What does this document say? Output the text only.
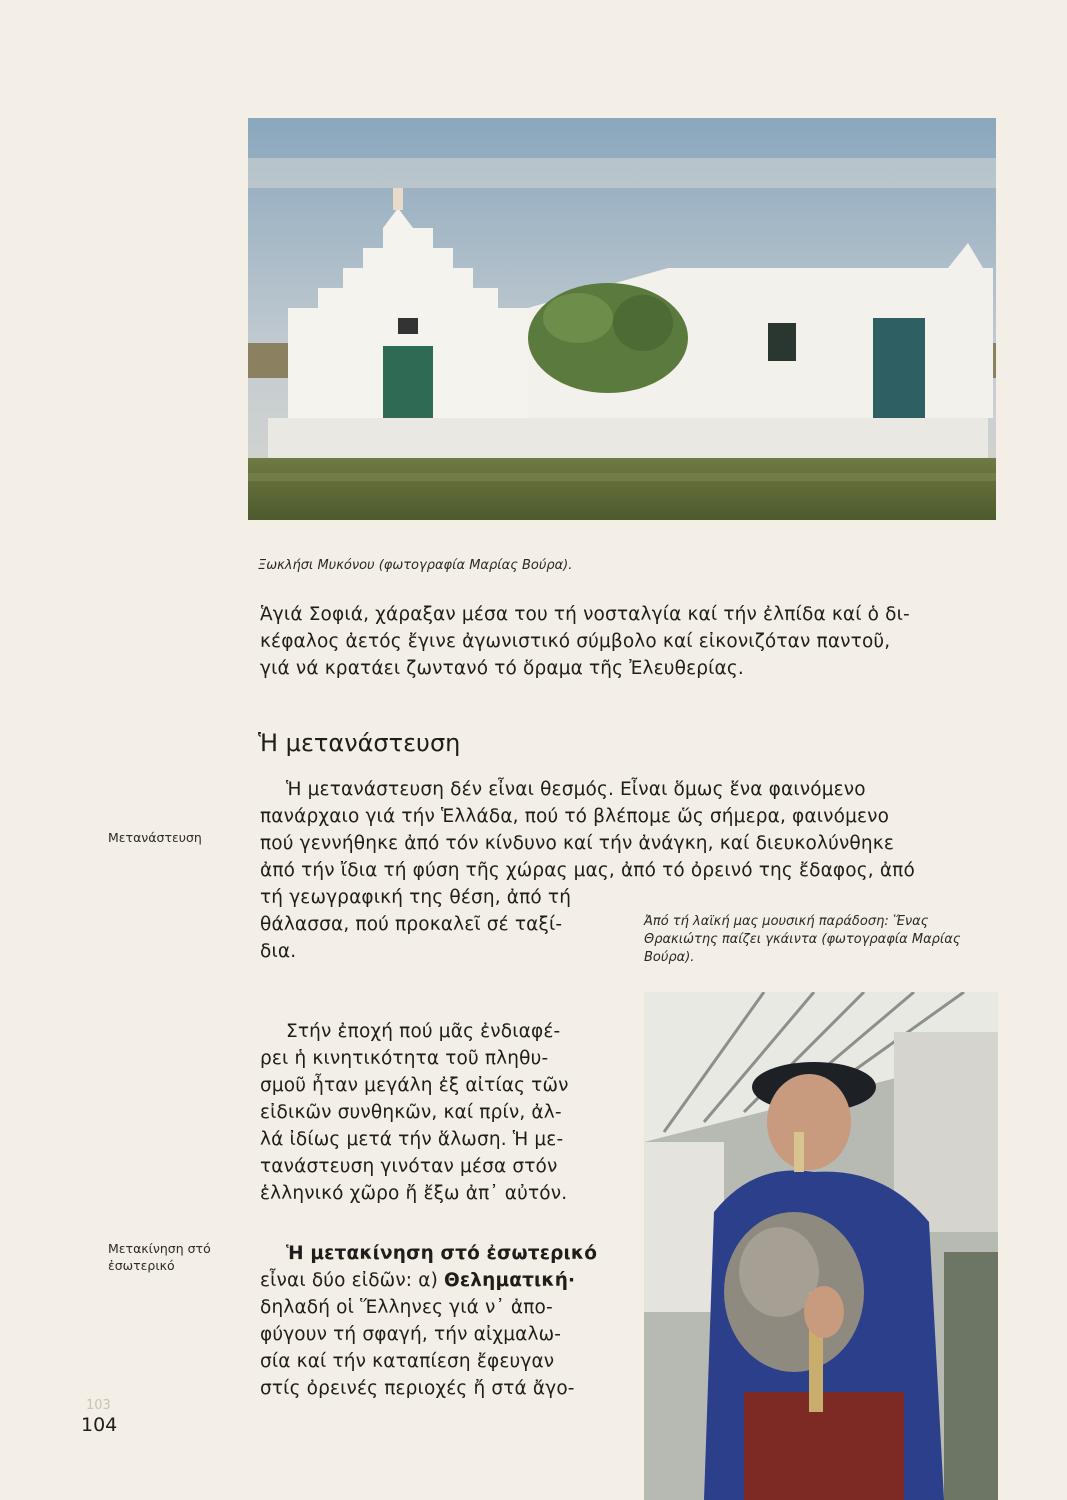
Ξωκλήσι Μυκόνου (φωτογραφία Μαρίας Βούρα).
Ἁγιά Σοφιά, χάραξαν μέσα του τή νοσταλγία καί τήν ἐλπίδα καί ὁ δι-
κέφαλος ἀετός ἔγινε ἀγωνιστικό σύμβολο καί εἰκονιζόταν παντοῦ,
γιά νά κρατάει ζωντανό τό ὅραμα τῆς Ἐλευθερίας.
Ἡ μετανάστευση
Μετανάστευση
Ἡ μετανάστευση δέν εἶναι θεσμός. Εἶναι ὅμως ἕνα φαινόμενο
πανάρχαιο γιά τήν Ἑλλάδα, πού τό βλέπομε ὥς σήμερα, φαινόμενο
πού γεννήθηκε ἀπό τόν κίνδυνο καί τήν ἀνάγκη, καί διευκολύνθηκε
ἀπό τήν ἴδια τή φύση τῆς χώρας μας, ἀπό τό ὀρεινό της ἔδαφος, ἀπό
τή γεωγραφική της θέση, ἀπό τή
θάλασσα, πού προκαλεῖ σέ ταξί-
δια.
Στήν ἐποχή πού μᾶς ἐνδιαφέ-
ρει ἡ κινητικότητα τοῦ πληθυ-
σμοῦ ἦταν μεγάλη ἐξ αἰτίας τῶν
εἰδικῶν συνθηκῶν, καί πρίν, ἀλ-
λά ἰδίως μετά τήν ἅλωση. Ἡ με-
τανάστευση γινόταν μέσα στόν
ἑλληνικό χῶρο ἤ ἔξω ἀπ᾿ αὐτόν.
Μετακίνηση στό
ἐσωτερικό
Ἡ μετακίνηση στό ἐσωτερικό
εἶναι δύο εἰδῶν: α) Θεληματική·
δηλαδή οἱ Ἕλληνες γιά ν᾿ ἀπο-
φύγουν τή σφαγή, τήν αἰχμαλω-
σία καί τήν καταπίεση ἔφευγαν
στίς ὀρεινές περιοχές ἤ στά ἄγο-
Ἀπό τή λαϊκή μας μουσική παράδοση: Ἕνας Θρακιώτης παίζει γκάιντα (φωτογραφία Μαρίας Βούρα).
103
104
